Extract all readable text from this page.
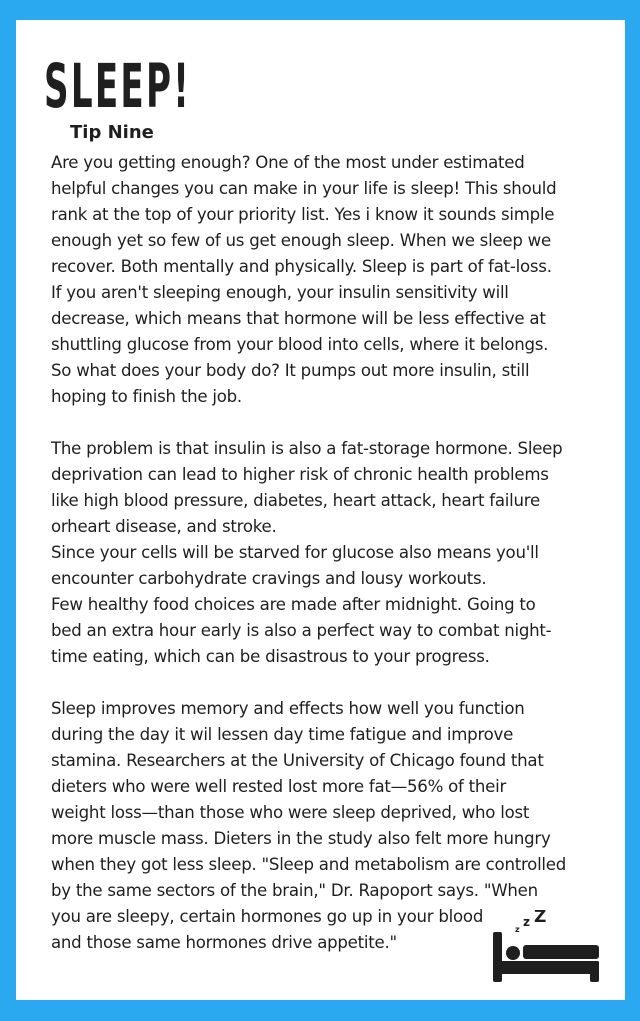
SLEEP!
Tip Nine

Are you getting enough? One of the most under estimated
helpful changes you can make in your life is sleep! This should
rank at the top of your priority list. Yes i know it sounds simple
enough yet so few of us get enough sleep. When we sleep we
recover. Both mentally and physically. Sleep is part of fat-loss.
If you aren't sleeping enough, your insulin sensitivity will
decrease, which means that hormone will be less effective at
shuttling glucose from your blood into cells, where it belongs.
So what does your body do? It pumps out more insulin, still
hoping to finish the job.

The problem is that insulin is also a fat-storage hormone. Sleep
deprivation can lead to higher risk of chronic health problems
like high blood pressure, diabetes, heart attack, heart failure
orheart disease, and stroke.
Since your cells will be starved for glucose also means you'll
encounter carbohydrate cravings and lousy workouts.
Few healthy food choices are made after midnight. Going to
bed an extra hour early is also a perfect way to combat night-
time eating, which can be disastrous to your progress.

Sleep improves memory and effects how well you function
during the day it wil lessen day time fatigue and improve
stamina. Researchers at the University of Chicago found that
dieters who were well rested lost more fat—56% of their
weight loss—than those who were sleep deprived, who lost
more muscle mass. Dieters in the study also felt more hungry
when they got less sleep. "Sleep and metabolism are controlled
by the same sectors of the brain," Dr. Rapoport says. "When
you are sleepy, certain hormones go up in your blood
and those same hormones drive appetite."

z
z Z
